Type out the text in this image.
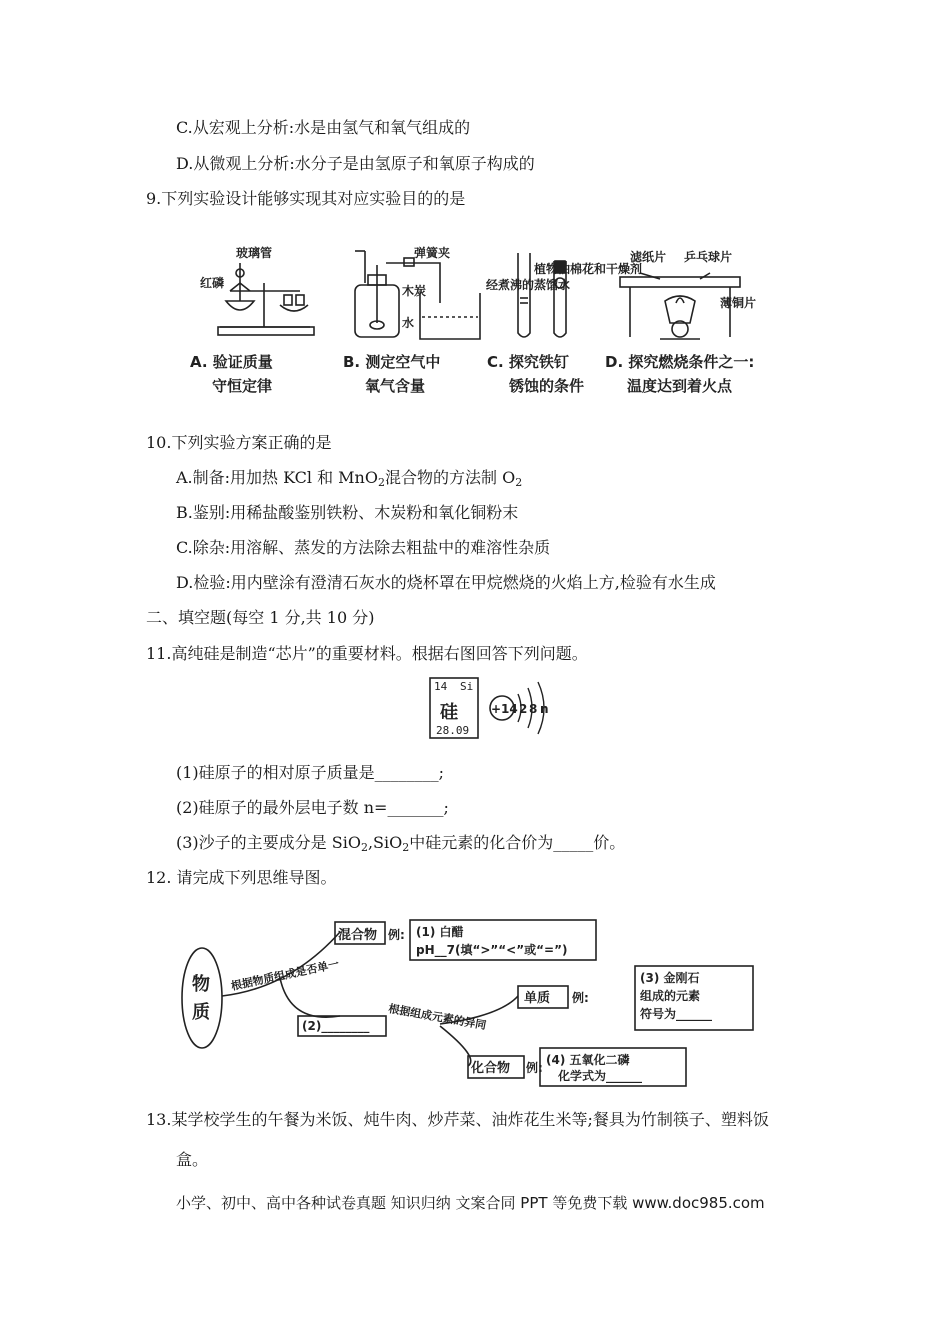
C.从宏观上分析:水是由氢气和氧气组成的
D.从微观上分析:水分子是由氢原子和氧原子构成的
9.下列实验设计能够实现其对应实验目的的是
玻璃管
红磷
弹簧夹
木炭
水
经煮沸的蒸馏水
植物油 棉花和干燥剂
滤纸片 乒乓球片
薄铜片
A. 验证质量
守恒定律
B. 测定空气中
氧气含量
C. 探究铁钉
锈蚀的条件
D. 探究燃烧条件之一:
温度达到着火点
10.下列实验方案正确的是
A.制备:用加热 KCl 和 MnO$_2$混合物的方法制 $O_2$
B.鉴别:用稀盐酸鉴别铁粉、木炭粉和氧化铜粉末
C.除杂:用溶解、蒸发的方法除去粗盐中的难溶性杂质
D.检验:用内壁涂有澄清石灰水的烧杯罩在甲烷燃烧的火焰上方,检验有水生成
二、填空题(每空 1 分,共 10 分)
11.高纯硅是制造“芯片”的重要材料。根据右图回答下列问题。
14 Si
28.09
硅	+14 2 8 n
(1)硅原子的相对原子质量是________;
(2)硅原子的最外层电子数 n=_______;
(3)沙子的主要成分是 SiO$_2$,SiO$_2$中硅元素的化合价为_____价。
12. 请完成下列思维导图。
物
质
根据物质组成是否单一
混合物 例: (1) 白醋
pH__7(填“>”“<”或“=”)
(2)________ 根据组成元素的异同
单质 例:
(3) 金刚石
组成的元素
符号为______
化合物 例:
(4) 五氧化二磷
化学式为______
13.某学校学生的午餐为米饭、炖牛肉、炒芹菜、油炸花生米等;餐具为竹制筷子、塑料饭
盒。
小学、初中、高中各种试卷真题 知识归纳 文案合同 PPT 等免费下载 www.doc985.com
